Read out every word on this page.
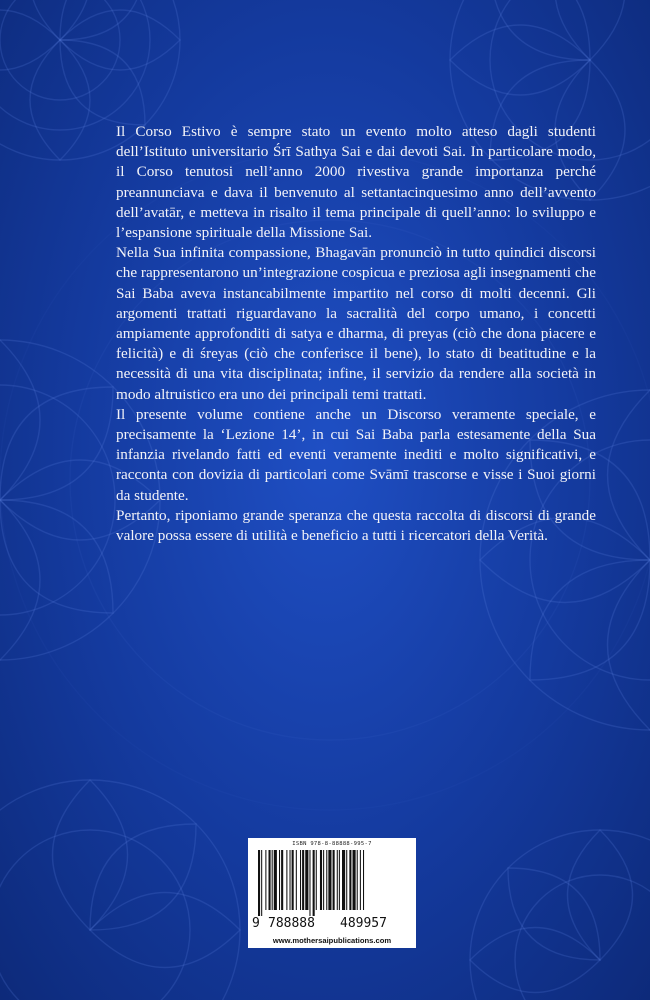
Il Corso Estivo è sempre stato un evento molto atteso dagli studenti dell’Istituto universitario Śrī Sathya Sai e dai devoti Sai. In particolare modo, il Corso tenutosi nell’anno 2000 rivestiva grande importanza perché preannunciava e dava il benvenuto al settantacinquesimo anno dell’avvento dell’avatār, e metteva in risalto il tema principale di quell’anno: lo sviluppo e l’espansione spirituale della Missione Sai.

Nella Sua infinita compassione, Bhagavān pronunciò in tutto quindici discorsi che rappresentarono un’integrazione cospicua e preziosa agli insegnamenti che Sai Baba aveva instancabilmente impartito nel corso di molti decenni. Gli argomenti trattati riguardavano la sacralità del corpo umano, i concetti ampiamente approfonditi di satya e dharma, di preyas (ciò che dona piacere e felicità) e di śreyas (ciò che conferisce il bene), lo stato di beatitudine e la necessità di una vita disciplinata; infine, il servizio da rendere alla società in modo altruistico era uno dei principali temi trattati.

Il presente volume contiene anche un Discorso veramente speciale, e precisamente la ‘Lezione 14’, in cui Sai Baba parla estesamente della Sua infanzia rivelando fatti ed eventi veramente inediti e molto significativi, e racconta con dovizia di particolari come Svāmī trascorse e visse i Suoi giorni da studente.

Pertanto, riponiamo grande speranza che questa raccolta di discorsi di grande valore possa essere di utilità e beneficio a tutti i ricercatori della Verità.

ISBN 978-8-88888-995-7
9 788888 489957
www.mothersaipublications.com
